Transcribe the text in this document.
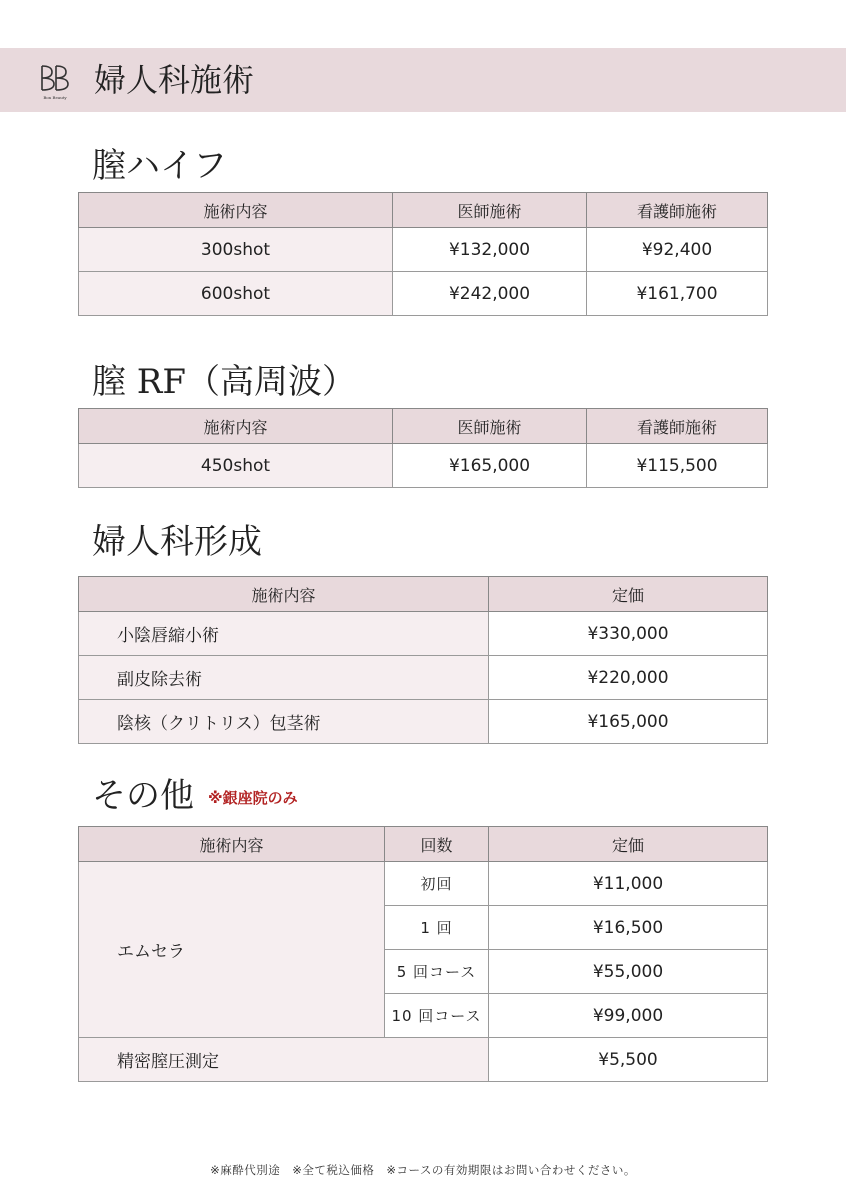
Bon Beauty 婦人科施術
膣ハイフ
施術内容	医師施術	看護師施術
300shot	¥132,000	¥92,400
600shot	¥242,000	¥161,700
膣 RF（高周波）
施術内容	医師施術	看護師施術
450shot	¥165,000	¥115,500
婦人科形成
施術内容	定価
小陰唇縮小術	¥330,000
副皮除去術	¥220,000
陰核（クリトリス）包茎術	¥165,000
その他 ※銀座院のみ
施術内容	回数	定価
エムセラ	初回	¥11,000
	1 回	¥16,500
	5 回コース	¥55,000
	10 回コース	¥99,000
精密膣圧測定		¥5,500
※麻酔代別途　※全て税込価格　※コースの有効期限はお問い合わせください。
